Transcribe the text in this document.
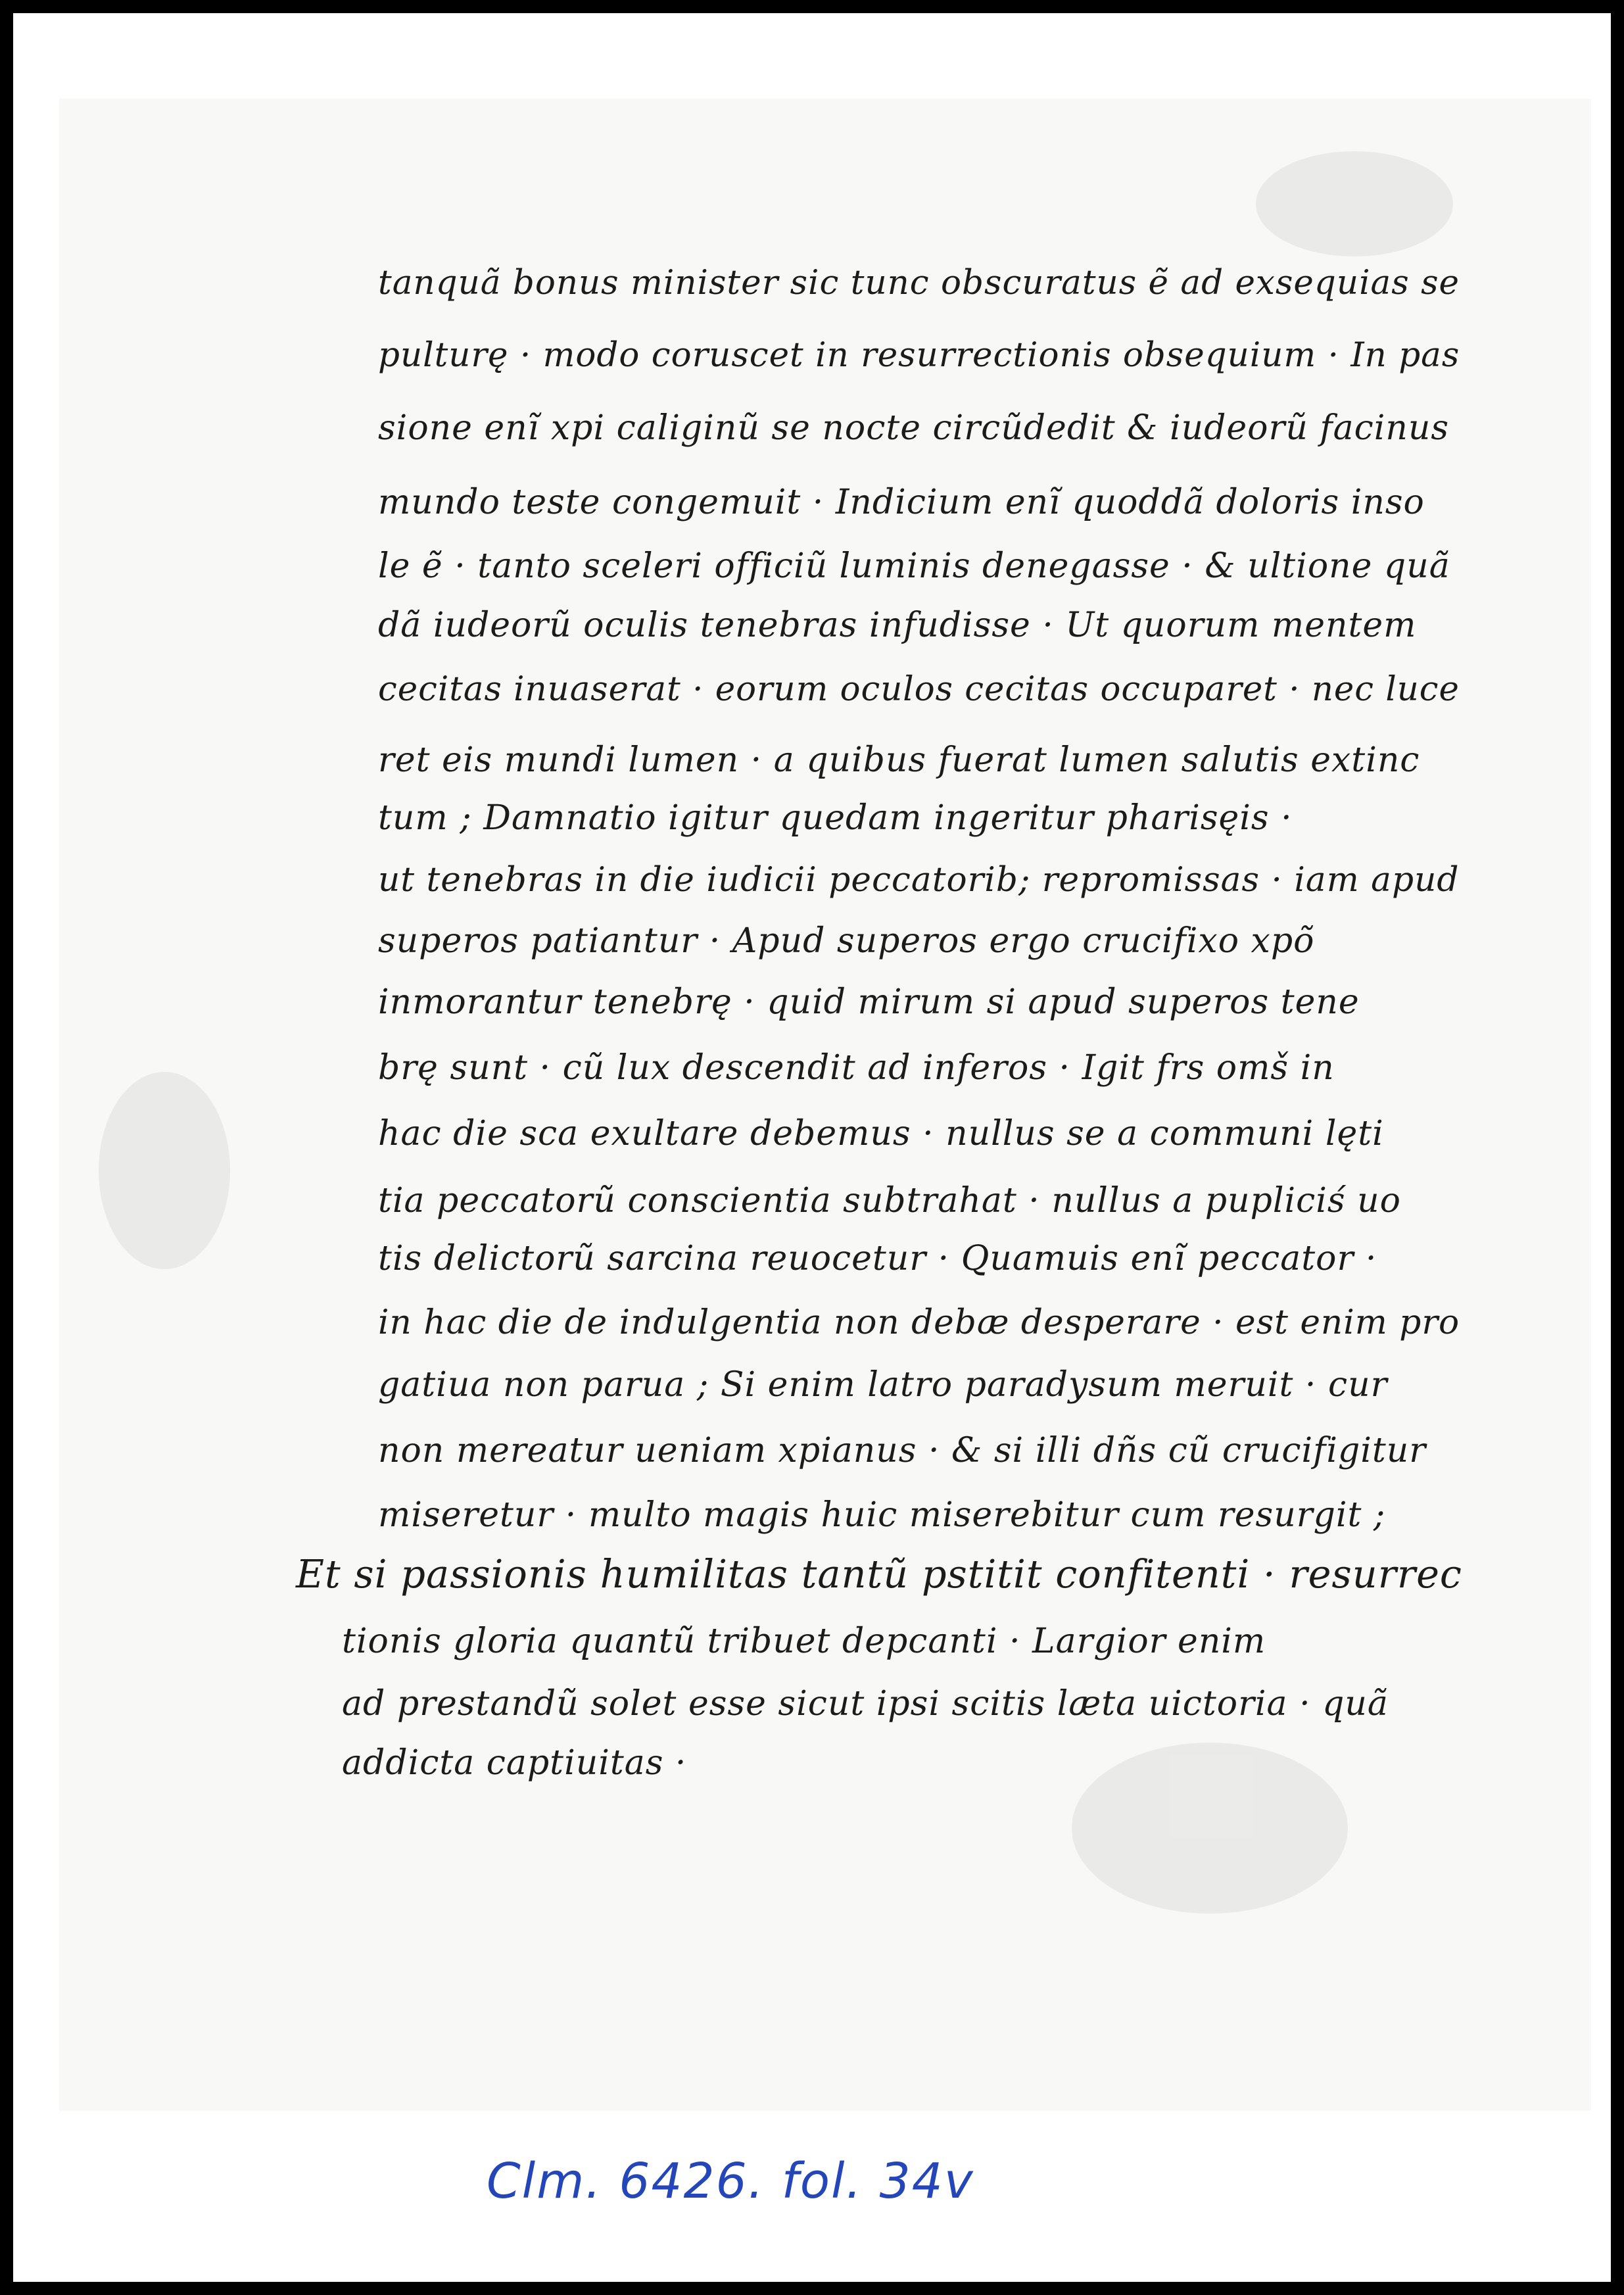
tanquã bonus minister sic tunc obscuratus ẽ ad exsequias se
pulturę · modo coruscet in resurrectionis obsequium · In pas
sione enĩ xpi caliginũ se nocte circũdedit & iudeorũ facinus
mundo teste congemuit · Indicium enĩ quoddã doloris inso
le ẽ · tanto sceleri officiũ luminis denegasse · & ultione quã
dã iudeorũ oculis tenebras infudisse · Ut quorum mentem
cecitas inuaserat · eorum oculos cecitas occuparet · nec luce
ret eis mundi lumen · a quibus fuerat lumen salutis extinc
tum ; Damnatio igitur quedam ingeritur pharisęis ·
ut tenebras in die iudicii peccatorib; repromissas · iam apud
superos patiantur · Apud superos ergo crucifixo xpõ
inmorantur tenebrę · quid mirum si apud superos tene
brę sunt · cũ lux descendit ad inferos · Igit frs omš in
hac die sca exultare debemus · nullus se a communi lęti
tia peccatorũ conscientia subtrahat · nullus a pupliciś uo
tis delictorũ sarcina reuocetur · Quamuis enĩ peccator ·
in hac die de indulgentia non debæ desperare · est enim pro
gatiua non parua ; Si enim latro paradysum meruit · cur
non mereatur ueniam xpianus · & si illi dñs cũ crucifigitur
miseretur · multo magis huic miserebitur cum resurgit ;
Et si passionis humilitas tantũ pstitit confitenti · resurrec
tionis gloria quantũ tribuet depcanti · Largior enim
ad prestandũ solet esse sicut ipsi scitis læta uictoria · quã
addicta captiuitas ·
Clm. 6426. fol. 34v
